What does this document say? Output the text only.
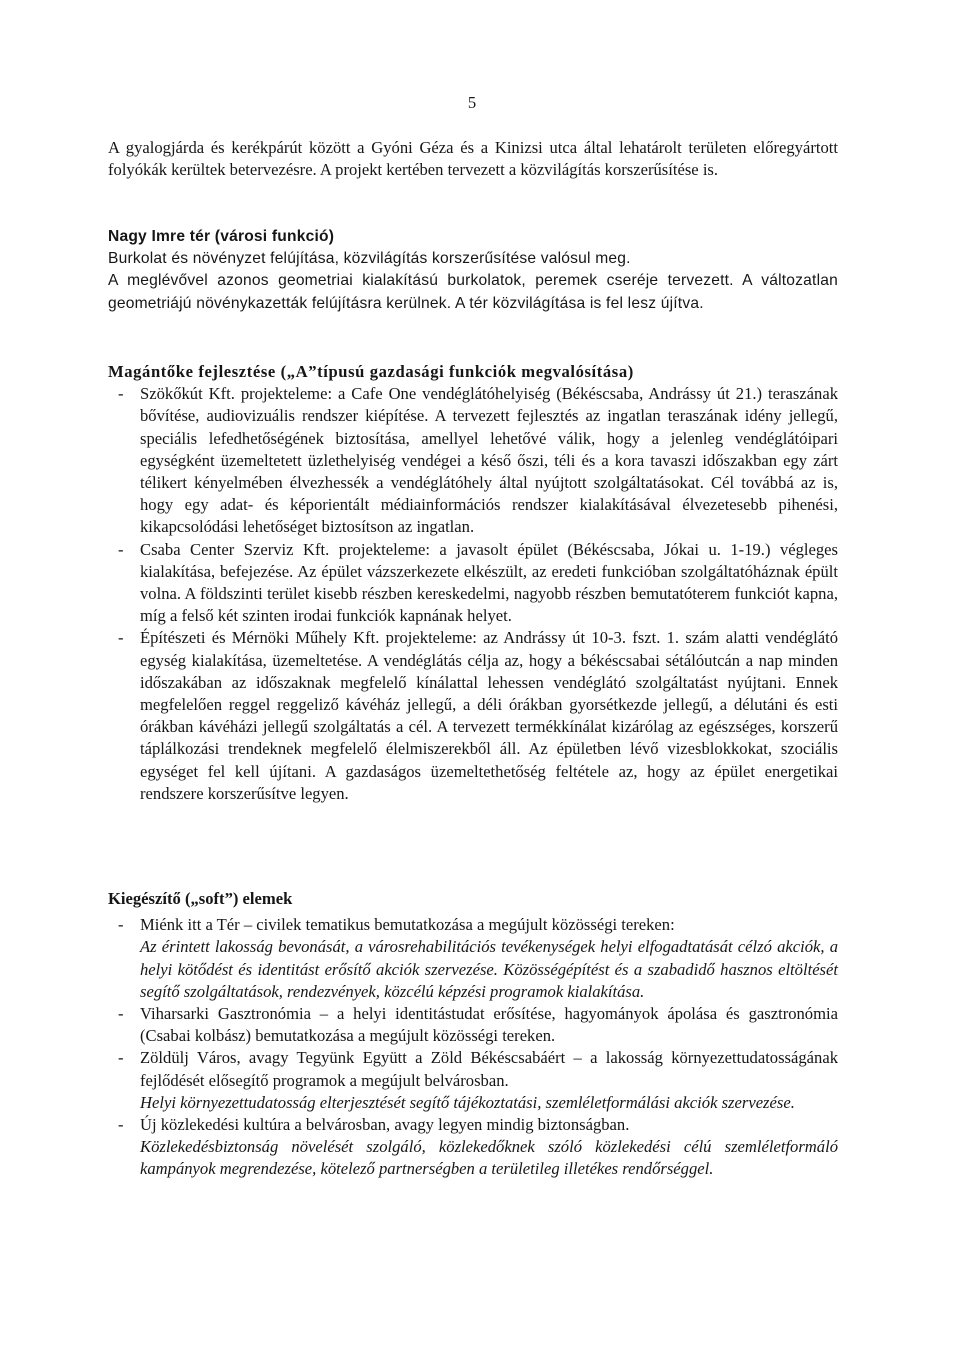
5

A gyalogjárda és kerékpárút között a Gyóni Géza és a Kinizsi utca által lehatárolt területen előregyártott folyókák kerültek betervezésre. A projekt kertében tervezett a közvilágítás korszerűsítése is.

Nagy Imre tér (városi funkció)

Burkolat és növényzet felújítása, közvilágítás korszerűsítése valósul meg.

A meglévővel azonos geometriai kialakítású burkolatok, peremek cseréje tervezett. A változatlan geometriájú növénykazetták felújításra kerülnek. A tér közvilágítása is fel lesz újítva.

Magántőke fejlesztése („A”típusú gazdasági funkciók megvalósítása)

- Szökőkút Kft. projekteleme: a Cafe One vendéglátóhelyiség (Békéscsaba, Andrássy út 21.) teraszának bővítése, audiovizuális rendszer kiépítése. A tervezett fejlesztés az ingatlan teraszának idény jellegű, speciális lefedhetőségének biztosítása, amellyel lehetővé válik, hogy a jelenleg vendéglátóipari egységként üzemeltetett üzlethelyiség vendégei a késő őszi, téli és a kora tavaszi időszakban egy zárt télikert kényelmében élvezhessék a vendéglátóhely által nyújtott szolgáltatásokat. Cél továbbá az is, hogy egy adat- és képorientált médiainformációs rendszer kialakításával élvezetesebb pihenési, kikapcsolódási lehetőséget biztosítson az ingatlan.
- Csaba Center Szerviz Kft. projekteleme: a javasolt épület (Békéscsaba, Jókai u. 1-19.) végleges kialakítása, befejezése. Az épület vázszerkezete elkészült, az eredeti funkcióban szolgáltatóháznak épült volna. A földszinti terület kisebb részben kereskedelmi, nagyobb részben bemutatóterem funkciót kapna, míg a felső két szinten irodai funkciók kapnának helyet.
- Építészeti és Mérnöki Műhely Kft. projekteleme: az Andrássy út 10-3. fszt. 1. szám alatti vendéglátó egység kialakítása, üzemeltetése. A vendéglátás célja az, hogy a békéscsabai sétálóutcán a nap minden időszakában az időszaknak megfelelő kínálattal lehessen vendéglátó szolgáltatást nyújtani. Ennek megfelelően reggel reggeliző kávéház jellegű, a déli órákban gyorsétkezde jellegű, a délutáni és esti órákban kávéházi jellegű szolgáltatás a cél. A tervezett termékkínálat kizárólag az egészséges, korszerű táplálkozási trendeknek megfelelő élelmiszerekből áll. Az épületben lévő vizesblokkokat, szociális egységet fel kell újítani. A gazdaságos üzemeltethetőség feltétele az, hogy az épület energetikai rendszere korszerűsítve legyen.

Kiegészítő („soft”) elemek

- Miénk itt a Tér – civilek tematikus bemutatkozása a megújult közösségi tereken:
Az érintett lakosság bevonását, a városrehabilitációs tevékenységek helyi elfogadtatását célzó akciók, a helyi kötődést és identitást erősítő akciók szervezése. Közösségépítést és a szabadidő hasznos eltöltését segítő szolgáltatások, rendezvények, közcélú képzési programok kialakítása.
- Viharsarki Gasztronómia – a helyi identitástudat erősítése, hagyományok ápolása és gasztronómia (Csabai kolbász) bemutatkozása a megújult közösségi tereken.
- Zöldülj Város, avagy Tegyünk Együtt a Zöld Békéscsabáért – a lakosság környezettudatosságának fejlődését elősegítő programok a megújult belvárosban.
Helyi környezettudatosság elterjesztését segítő tájékoztatási, szemléletformálási akciók szervezése.
- Új közlekedési kultúra a belvárosban, avagy legyen mindig biztonságban.
Közlekedésbiztonság növelését szolgáló, közlekedőknek szóló közlekedési célú szemléletformáló kampányok megrendezése, kötelező partnerségben a területileg illetékes rendőrséggel.
